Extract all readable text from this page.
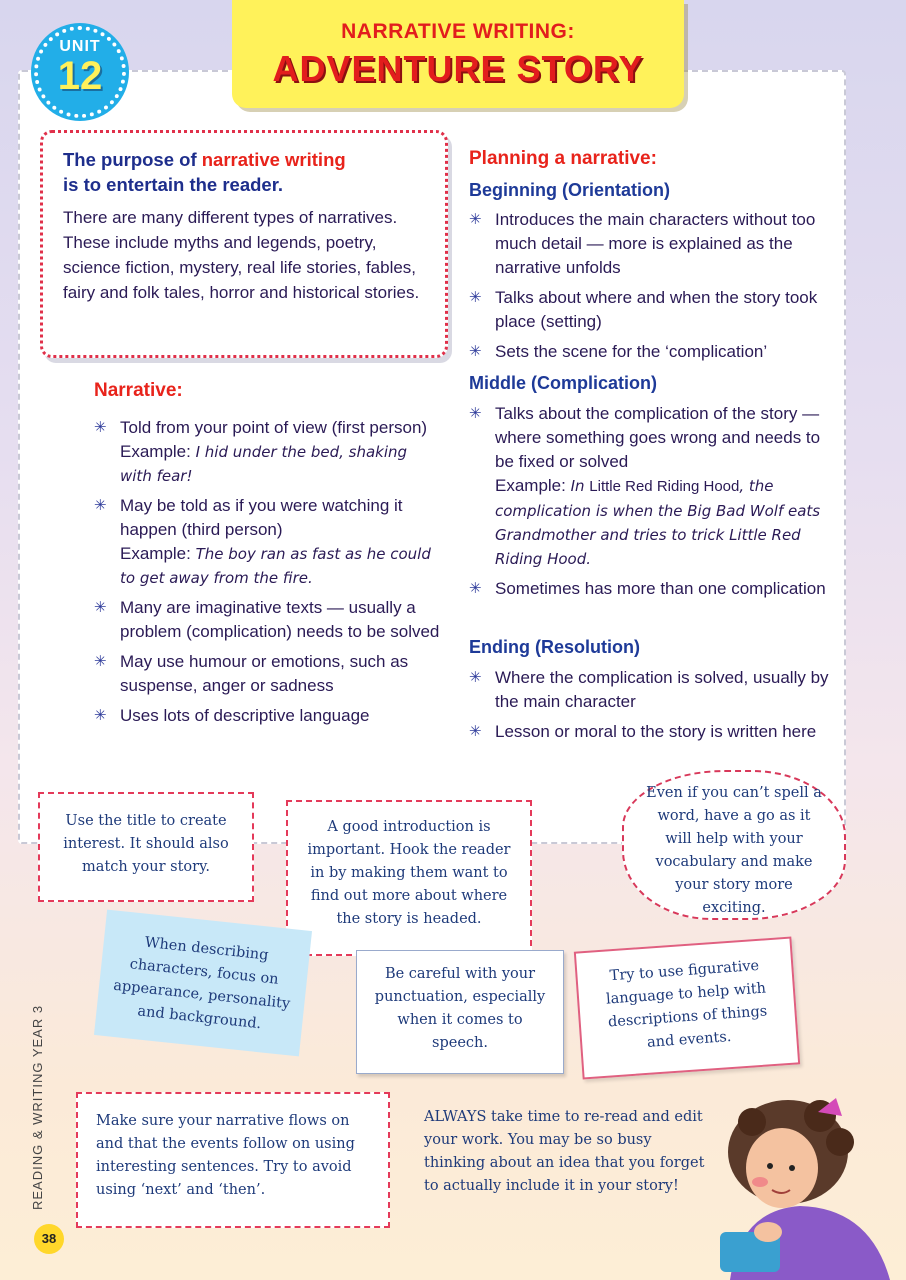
NARRATIVE WRITING:
ADVENTURE STORY
UNIT
12
The purpose of narrative writing
is to entertain the reader.
There are many different types of narratives. These include myths and legends, poetry, science fiction, mystery, real life stories, fables, fairy and folk tales, horror and historical stories.
Narrative:
✳ Told from your point of view (first person)
Example: I hid under the bed, shaking with fear!
✳ May be told as if you were watching it happen (third person)
Example: The boy ran as fast as he could to get away from the fire.
✳ Many are imaginative texts — usually a problem (complication) needs to be solved
✳ May use humour or emotions, such as suspense, anger or sadness
✳ Uses lots of descriptive language
Planning a narrative:
Beginning (Orientation)
✳ Introduces the main characters without too much detail — more is explained as the narrative unfolds
✳ Talks about where and when the story took place (setting)
✳ Sets the scene for the ‘complication’
Middle (Complication)
✳ Talks about the complication of the story — where something goes wrong and needs to be fixed or solved
Example: In Little Red Riding Hood, the complication is when the Big Bad Wolf eats Grandmother and tries to trick Little Red Riding Hood.
✳ Sometimes has more than one complication
Ending (Resolution)
✳ Where the complication is solved, usually by the main character
✳ Lesson or moral to the story is written here
Use the title to create interest. It should also match your story.
A good introduction is important. Hook the reader in by making them want to find out more about where the story is headed.
Even if you can’t spell a word, have a go as it will help with your vocabulary and make your story more exciting.
When describing characters, focus on appearance, personality and background.
Be careful with your punctuation, especially when it comes to speech.
Try to use figurative language to help with descriptions of things and events.
Make sure your narrative flows on and that the events follow on using interesting sentences. Try to avoid using ‘next’ and ‘then’.
ALWAYS take time to re-read and edit your work. You may be so busy thinking about an idea that you forget to actually include it in your story!
READING & WRITING YEAR 3
38
